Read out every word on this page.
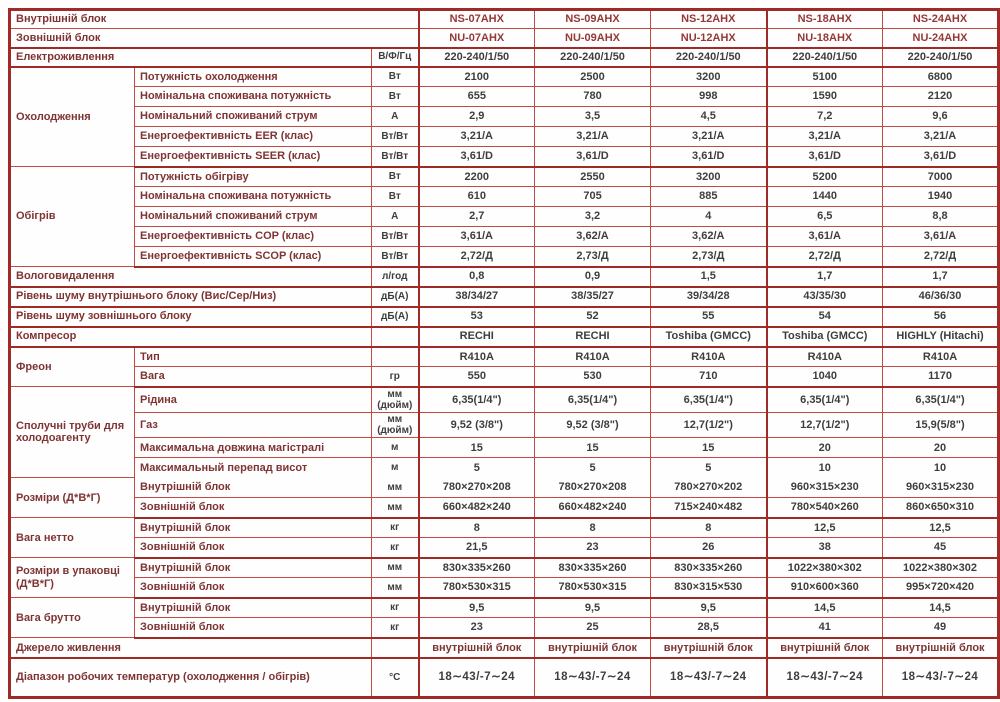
Внутрішній блок			NS-07AHX	NS-09AHX	NS-12AHX	NS-18AHX	NS-24AHX
Зовнішній блок			NU-07AHX	NU-09AHX	NU-12AHX	NU-18AHX	NU-24AHX
Електроживлення		В/Ф/Гц	220-240/1/50	220-240/1/50	220-240/1/50	220-240/1/50	220-240/1/50
Охолодження	Потужність охолодження	Вт	2100	2500	3200	5100	6800
	Номінальна споживана потужність	Вт	655	780	998	1590	2120
	Номінальний споживаний струм	А	2,9	3,5	4,5	7,2	9,6
	Енергоефективність EER (клас)	Вт/Вт	3,21/A	3,21/A	3,21/A	3,21/A	3,21/A
	Енергоефективність SEER (клас)	Вт/Вт	3,61/D	3,61/D	3,61/D	3,61/D	3,61/D
Обігрів	Потужність обігріву	Вт	2200	2550	3200	5200	7000
	Номінальна споживана потужність	Вт	610	705	885	1440	1940
	Номінальний споживаний струм	А	2,7	3,2	4	6,5	8,8
	Енергоефективність COP (клас)	Вт/Вт	3,61/A	3,62/A	3,62/A	3,61/A	3,61/A
	Енергоефективність SCOP (клас)	Вт/Вт	2,72/Д	2,73/Д	2,73/Д	2,72/Д	2,72/Д
Вологовидалення		л/год	0,8	0,9	1,5	1,7	1,7
Рівень шуму внутрішнього блоку (Вис/Сер/Низ)		дБ(А)	38/34/27	38/35/27	39/34/28	43/35/30	46/36/30
Рівень шуму зовнішнього блоку		дБ(А)	53	52	55	54	56
Компресор			RECHI	RECHI	Toshiba (GMCC)	Toshiba (GMCC)	HIGHLY (Hitachi)
Фреон	Тип		R410A	R410A	R410A	R410A	R410A
	Вага	гр	550	530	710	1040	1170
Сполучні труби для холодоагенту	Рідина	мм (дюйм)	6,35(1/4")	6,35(1/4")	6,35(1/4")	6,35(1/4")	6,35(1/4")
	Газ	мм (дюйм)	9,52 (3/8")	9,52 (3/8")	12,7(1/2")	12,7(1/2")	15,9(5/8")
	Максимальна довжина магістралі	м	15	15	15	20	20
	Максимальный перепад висот	м	5	5	5	10	10
Розміри (Д*В*Г)	Внутрішній блок	мм	780×270×208	780×270×208	780×270×202	960×315×230	960×315×230
	Зовнішній блок	мм	660×482×240	660×482×240	715×240×482	780×540×260	860×650×310
Вага нетто	Внутрішній блок	кг	8	8	8	12,5	12,5
	Зовнішній блок	кг	21,5	23	26	38	45
Розміри в упаковці (Д*В*Г)	Внутрішній блок	мм	830×335×260	830×335×260	830×335×260	1022×380×302	1022×380×302
	Зовнішній блок	мм	780×530×315	780×530×315	830×315×530	910×600×360	995×720×420
Вага брутто	Внутрішній блок	кг	9,5	9,5	9,5	14,5	14,5
	Зовнішній блок	кг	23	25	28,5	41	49
Джерело живлення			внутрішній блок	внутрішній блок	внутрішній блок	внутрішній блок	внутрішній блок
Діапазон робочих температур (охолодження / обігрів)		°С	18∼43/-7∼24	18∼43/-7∼24	18∼43/-7∼24	18∼43/-7∼24	18∼43/-7∼24
